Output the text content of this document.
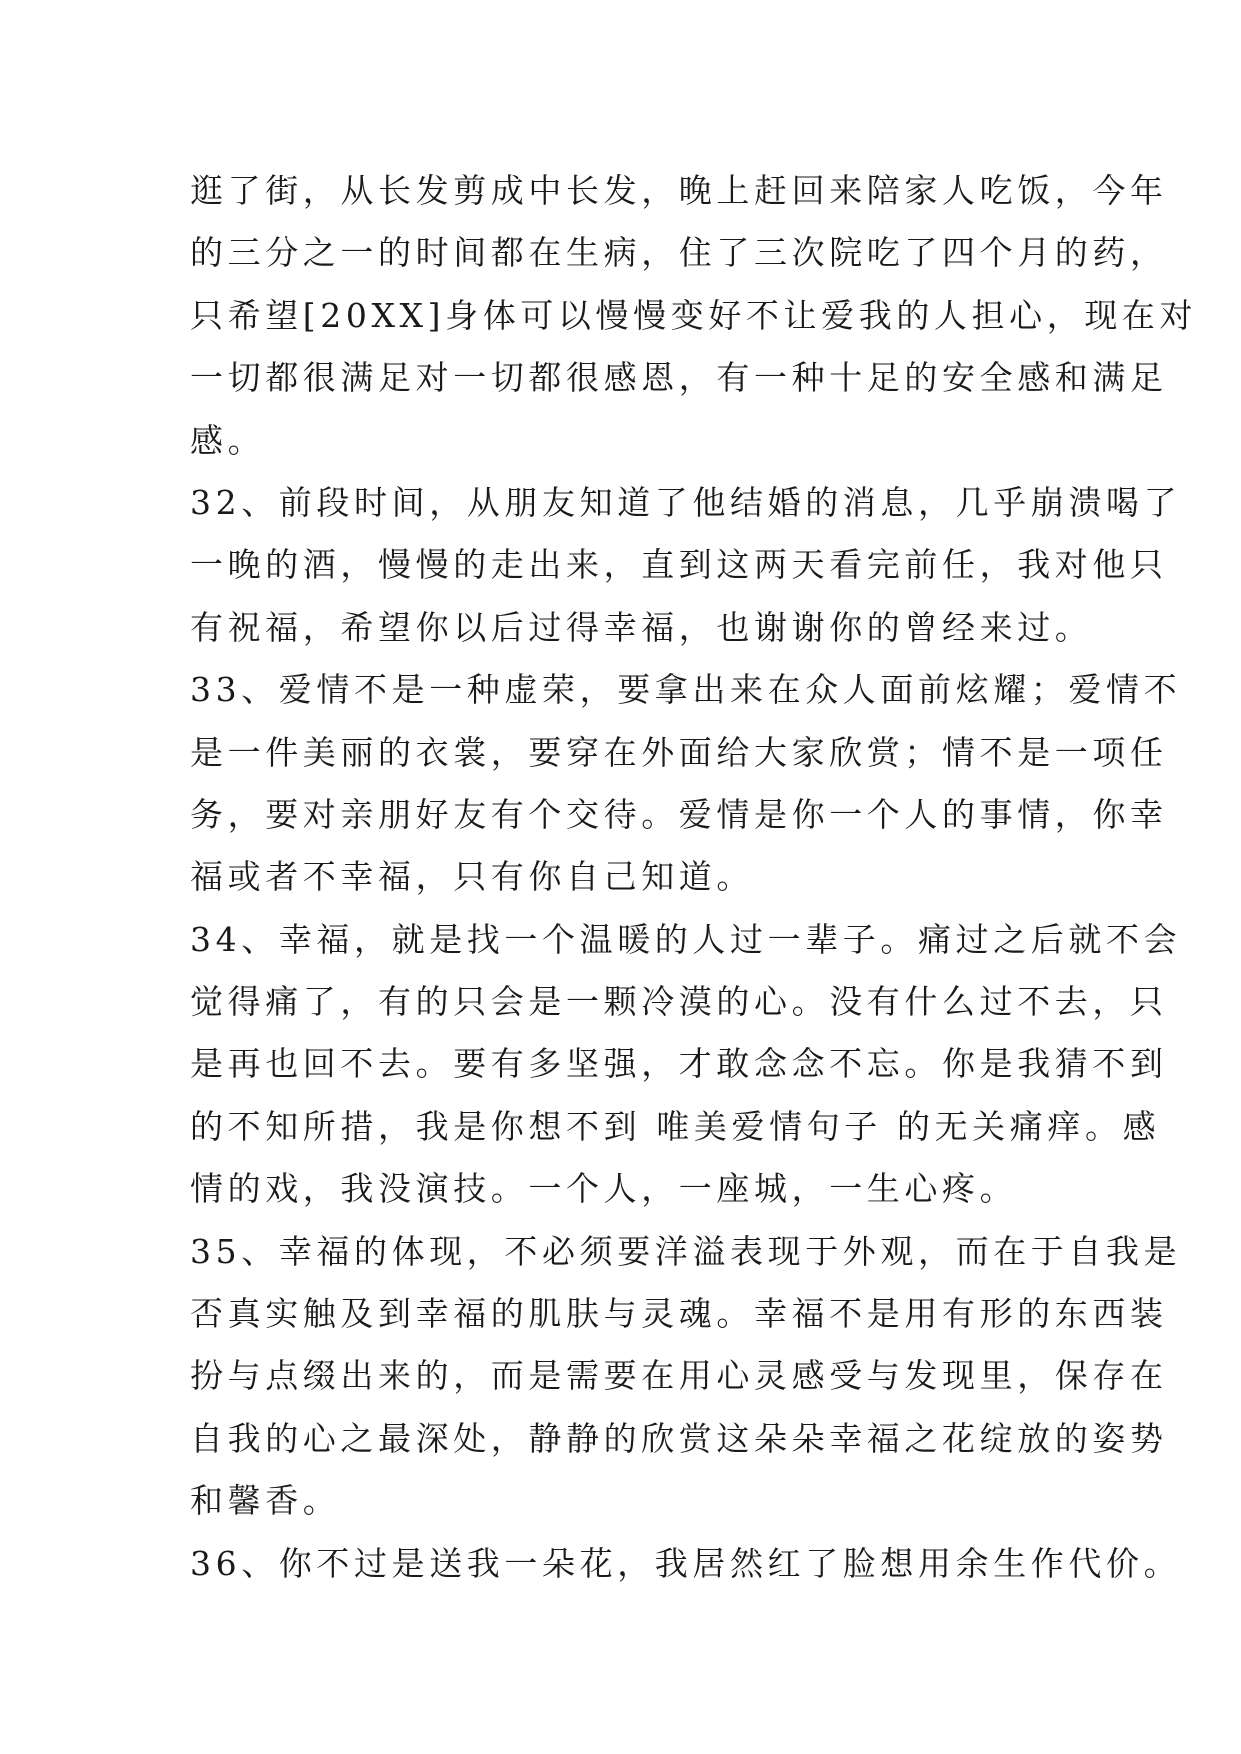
逛了街，从长发剪成中长发，晚上赶回来陪家人吃饭，今年
的三分之一的时间都在生病，住了三次院吃了四个月的药，
只希望[20XX]身体可以慢慢变好不让爱我的人担心，现在对
一切都很满足对一切都很感恩，有一种十足的安全感和满足
感。
32、前段时间，从朋友知道了他结婚的消息，几乎崩溃喝了
一晚的酒，慢慢的走出来，直到这两天看完前任，我对他只
有祝福，希望你以后过得幸福，也谢谢你的曾经来过。
33、爱情不是一种虚荣，要拿出来在众人面前炫耀；爱情不
是一件美丽的衣裳，要穿在外面给大家欣赏；情不是一项任
务，要对亲朋好友有个交待。爱情是你一个人的事情，你幸
福或者不幸福，只有你自己知道。
34、幸福，就是找一个温暖的人过一辈子。痛过之后就不会
觉得痛了，有的只会是一颗冷漠的心。没有什么过不去，只
是再也回不去。要有多坚强，才敢念念不忘。你是我猜不到
的不知所措，我是你想不到 唯美爱情句子 的无关痛痒。感
情的戏，我没演技。一个人，一座城，一生心疼。
35、幸福的体现，不必须要洋溢表现于外观，而在于自我是
否真实触及到幸福的肌肤与灵魂。幸福不是用有形的东西装
扮与点缀出来的，而是需要在用心灵感受与发现里，保存在
自我的心之最深处，静静的欣赏这朵朵幸福之花绽放的姿势
和馨香。
36、你不过是送我一朵花，我居然红了脸想用余生作代价。
